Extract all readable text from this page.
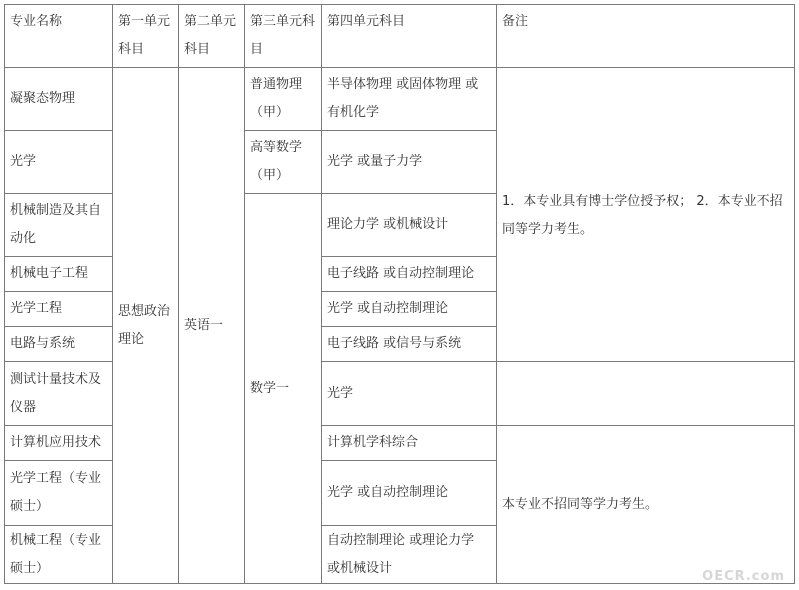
专业名称	第一单元科目	第二单元科目	第三单元科目	第四单元科目	备注
凝聚态物理	思想政治理论	英语一	普通物理（甲）	半导体物理 或固体物理 或有机化学	1．本专业具有博士学位授予权； 2．本专业不招同等学力考生。
光学			高等数学（甲）	光学 或量子力学	
机械制造及其自动化			数学一	理论力学 或机械设计	
机械电子工程				电子线路 或自动控制理论	
光学工程				光学 或自动控制理论	
电路与系统				电子线路 或信号与系统	
测试计量技术及仪器				光学	
计算机应用技术				计算机学科综合	本专业不招同等学力考生。
光学工程（专业硕士）				光学 或自动控制理论	
机械工程（专业硕士）				自动控制理论 或理论力学 或机械设计	
OECR.com
